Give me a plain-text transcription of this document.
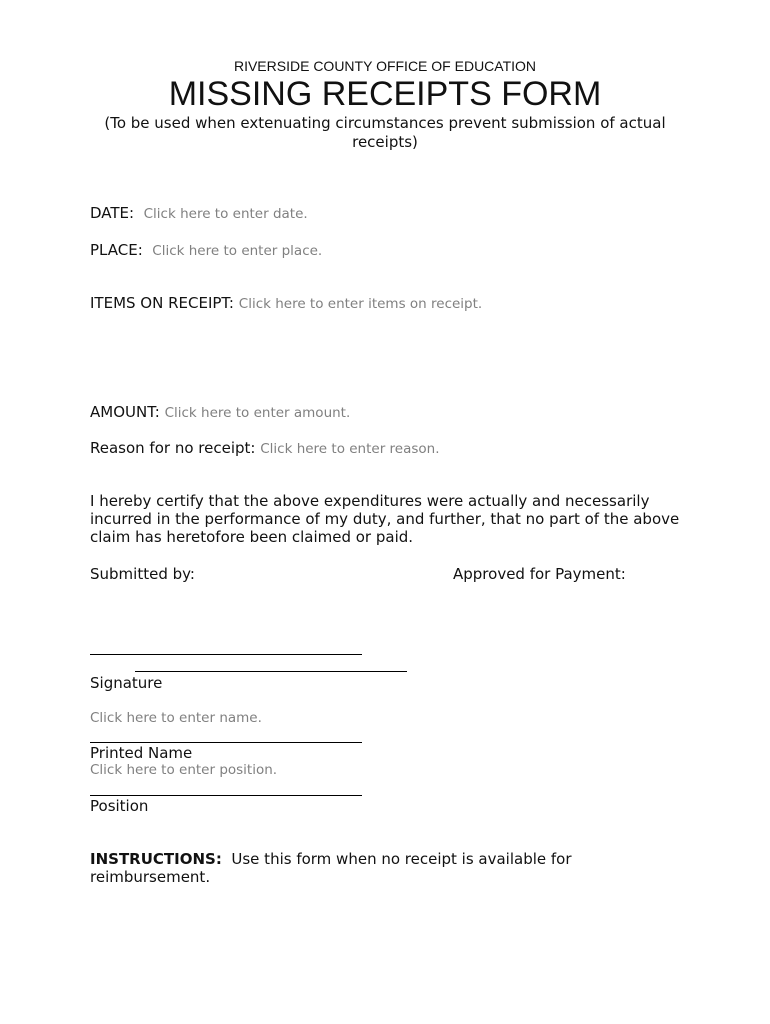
RIVERSIDE COUNTY OFFICE OF EDUCATION
MISSING RECEIPTS FORM
(To be used when extenuating circumstances prevent submission of actual receipts)
DATE: Click here to enter date.
PLACE: Click here to enter place.
ITEMS ON RECEIPT: Click here to enter items on receipt.
AMOUNT: Click here to enter amount.
Reason for no receipt: Click here to enter reason.
I hereby certify that the above expenditures were actually and necessarily incurred in the performance of my duty, and further, that no part of the above claim has heretofore been claimed or paid.
Submitted by:	Approved for Payment:
Signature
Click here to enter name.
Printed Name
Click here to enter position.
Position
INSTRUCTIONS: Use this form when no receipt is available for reimbursement.
